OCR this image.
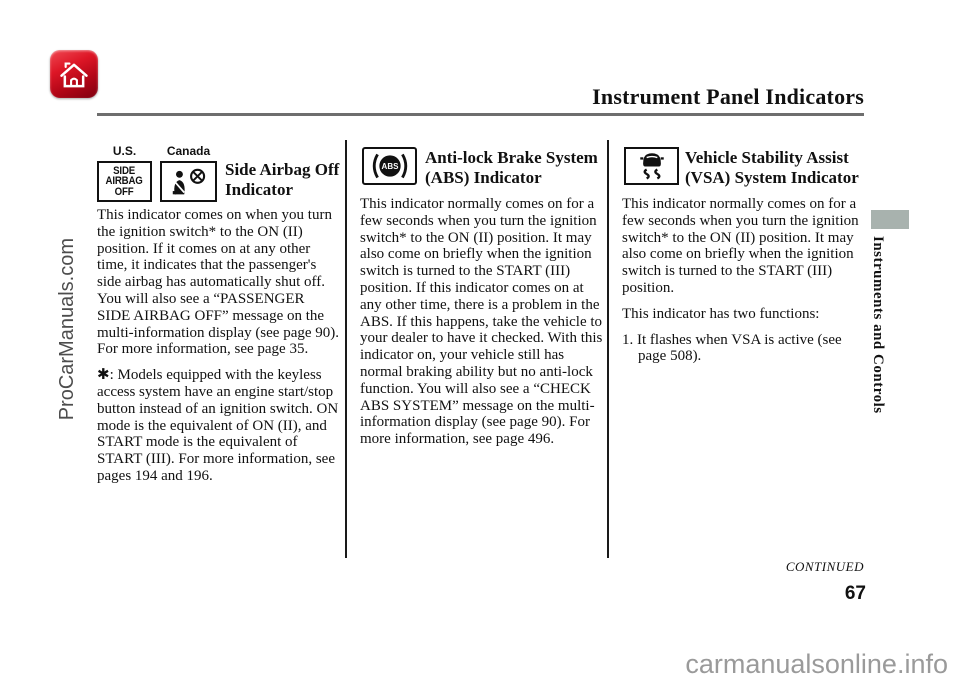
Instrument Panel Indicators
U.S.	Canada
SIDE
AIRBAG
OFF
Side Airbag Off
Indicator

This indicator comes on when you turn the ignition switch* to the ON (II) position. If it comes on at any other time, it indicates that the passenger's side airbag has automatically shut off. You will also see a “PASSENGER SIDE AIRBAG OFF” message on the multi-information display (see page 90). For more information, see page 35.

✱: Models equipped with the keyless access system have an engine start/stop button instead of an ignition switch. ON mode is the equivalent of ON (II), and START mode is the equivalent of START (III). For more information, see pages 194 and 196.

ABS Anti-lock Brake System
(ABS) Indicator

This indicator normally comes on for a few seconds when you turn the ignition switch* to the ON (II) position. It may also come on briefly when the ignition switch is turned to the START (III) position. If this indicator comes on at any other time, there is a problem in the ABS. If this happens, take the vehicle to your dealer to have it checked. With this indicator on, your vehicle still has normal braking ability but no anti-lock function. You will also see a “CHECK ABS SYSTEM” message on the multi-information display (see page 90). For more information, see page 496.

Vehicle Stability Assist
(VSA) System Indicator

This indicator normally comes on for a few seconds when you turn the ignition switch* to the ON (II) position. It may also come on briefly when the ignition switch is turned to the START (III) position.

This indicator has two functions:

1. It flashes when VSA is active (see page 508).	Instruments and Controls
CONTINUED
67
ProCarManuals.com
carmanualsonline.info
